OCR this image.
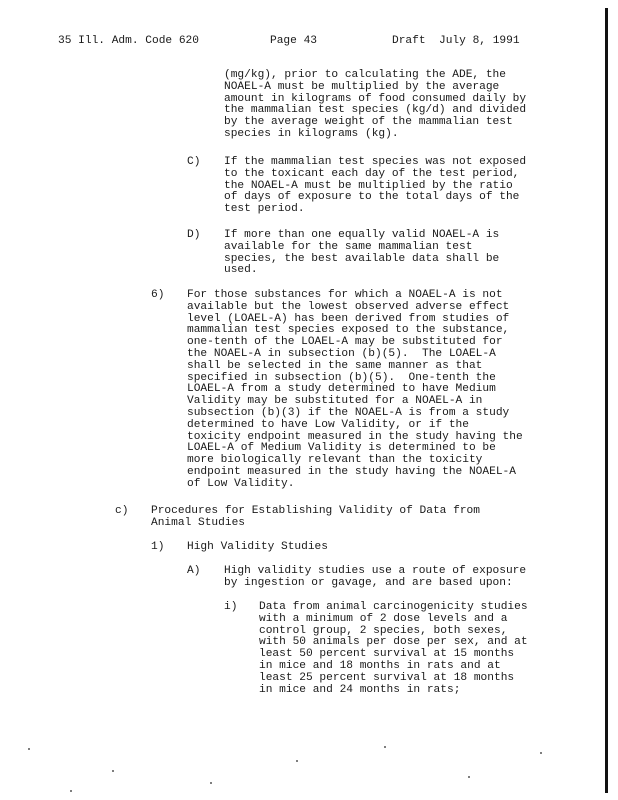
35 Ill. Adm. Code 620	Page 43	Draft  July 8, 1991
(mg/kg), prior to calculating the ADE, the
NOAEL-A must be multiplied by the average
amount in kilograms of food consumed daily by
the mammalian test species (kg/d) and divided
by the average weight of the mammalian test
species in kilograms (kg).
C) If the mammalian test species was not exposed
to the toxicant each day of the test period,
the NOAEL-A must be multiplied by the ratio
of days of exposure to the total days of the
test period.
D) If more than one equally valid NOAEL-A is
available for the same mammalian test
species, the best available data shall be
used.
6) For those substances for which a NOAEL-A is not
available but the lowest observed adverse effect
level (LOAEL-A) has been derived from studies of
mammalian test species exposed to the substance,
one-tenth of the LOAEL-A may be substituted for
the NOAEL-A in subsection (b)(5).  The LOAEL-A
shall be selected in the same manner as that
specified in subsection (b)(5).  One-tenth the
LOAEL-A from a study determined to have Medium
Validity may be substituted for a NOAEL-A in
subsection (b)(3) if the NOAEL-A is from a study
determined to have Low Validity, or if the
toxicity endpoint measured in the study having the
LOAEL-A of Medium Validity is determined to be
more biologically relevant than the toxicity
endpoint measured in the study having the NOAEL-A
of Low Validity.
c) Procedures for Establishing Validity of Data from
Animal Studies
1) High Validity Studies
A) High validity studies use a route of exposure
by ingestion or gavage, and are based upon:
i) Data from animal carcinogenicity studies
with a minimum of 2 dose levels and a
control group, 2 species, both sexes,
with 50 animals per dose per sex, and at
least 50 percent survival at 15 months
in mice and 18 months in rats and at
least 25 percent survival at 18 months
in mice and 24 months in rats;
